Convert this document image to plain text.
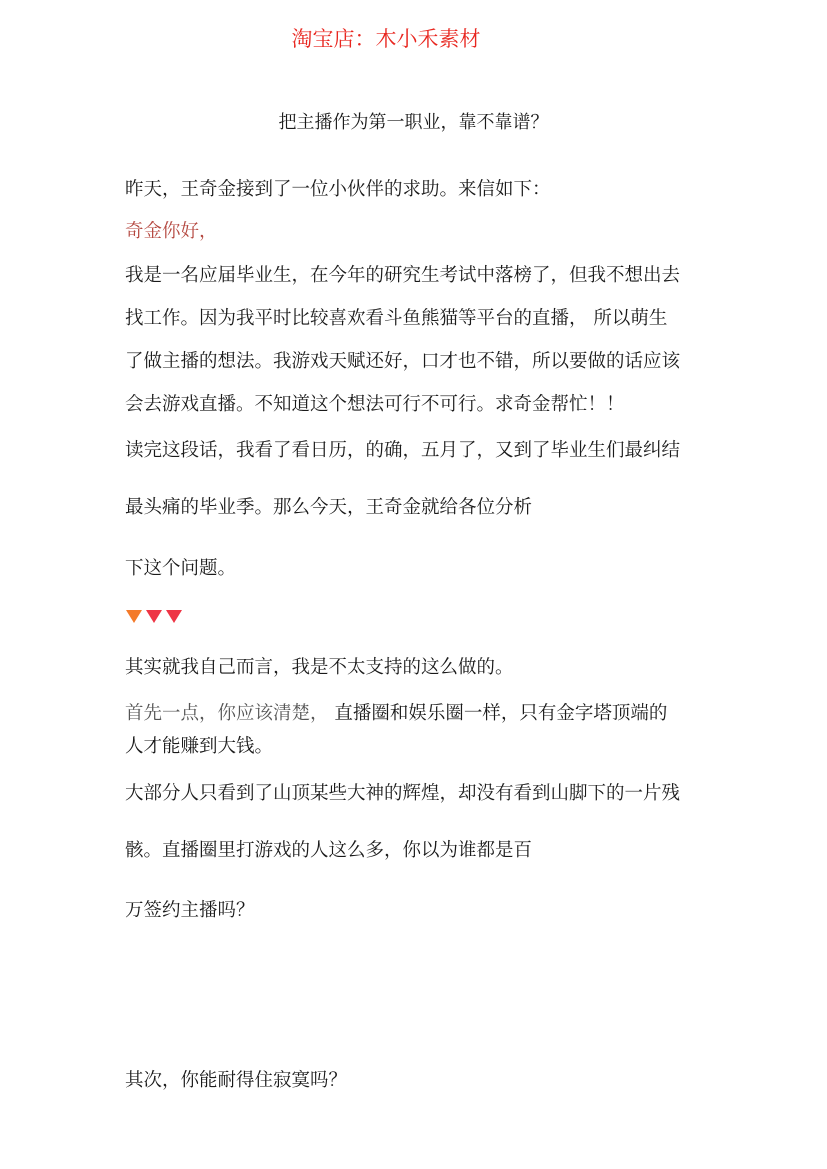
淘宝店：木小禾素材
把主播作为第一职业，靠不靠谱？
昨天，王奇金接到了一位小伙伴的求助。来信如下：
奇金你好，
我是一名应届毕业生，在今年的研究生考试中落榜了，但我不想出去
找工作。因为我平时比较喜欢看斗鱼熊猫等平台的直播， 所以萌生
了做主播的想法。我游戏天赋还好，口才也不错，所以要做的话应该
会去游戏直播。不知道这个想法可行不可行。求奇金帮忙！！
读完这段话，我看了看日历，的确，五月了，又到了毕业生们最纠结
最头痛的毕业季。那么今天，王奇金就给各位分析
下这个问题。
其实就我自己而言，我是不太支持的这么做的。
首先一点，你应该清楚， 直播圈和娱乐圈一样，只有金字塔顶端的
人才能赚到大钱。
大部分人只看到了山顶某些大神的辉煌，却没有看到山脚下的一片残
骸。直播圈里打游戏的人这么多，你以为谁都是百
万签约主播吗？
其次，你能耐得住寂寞吗？
